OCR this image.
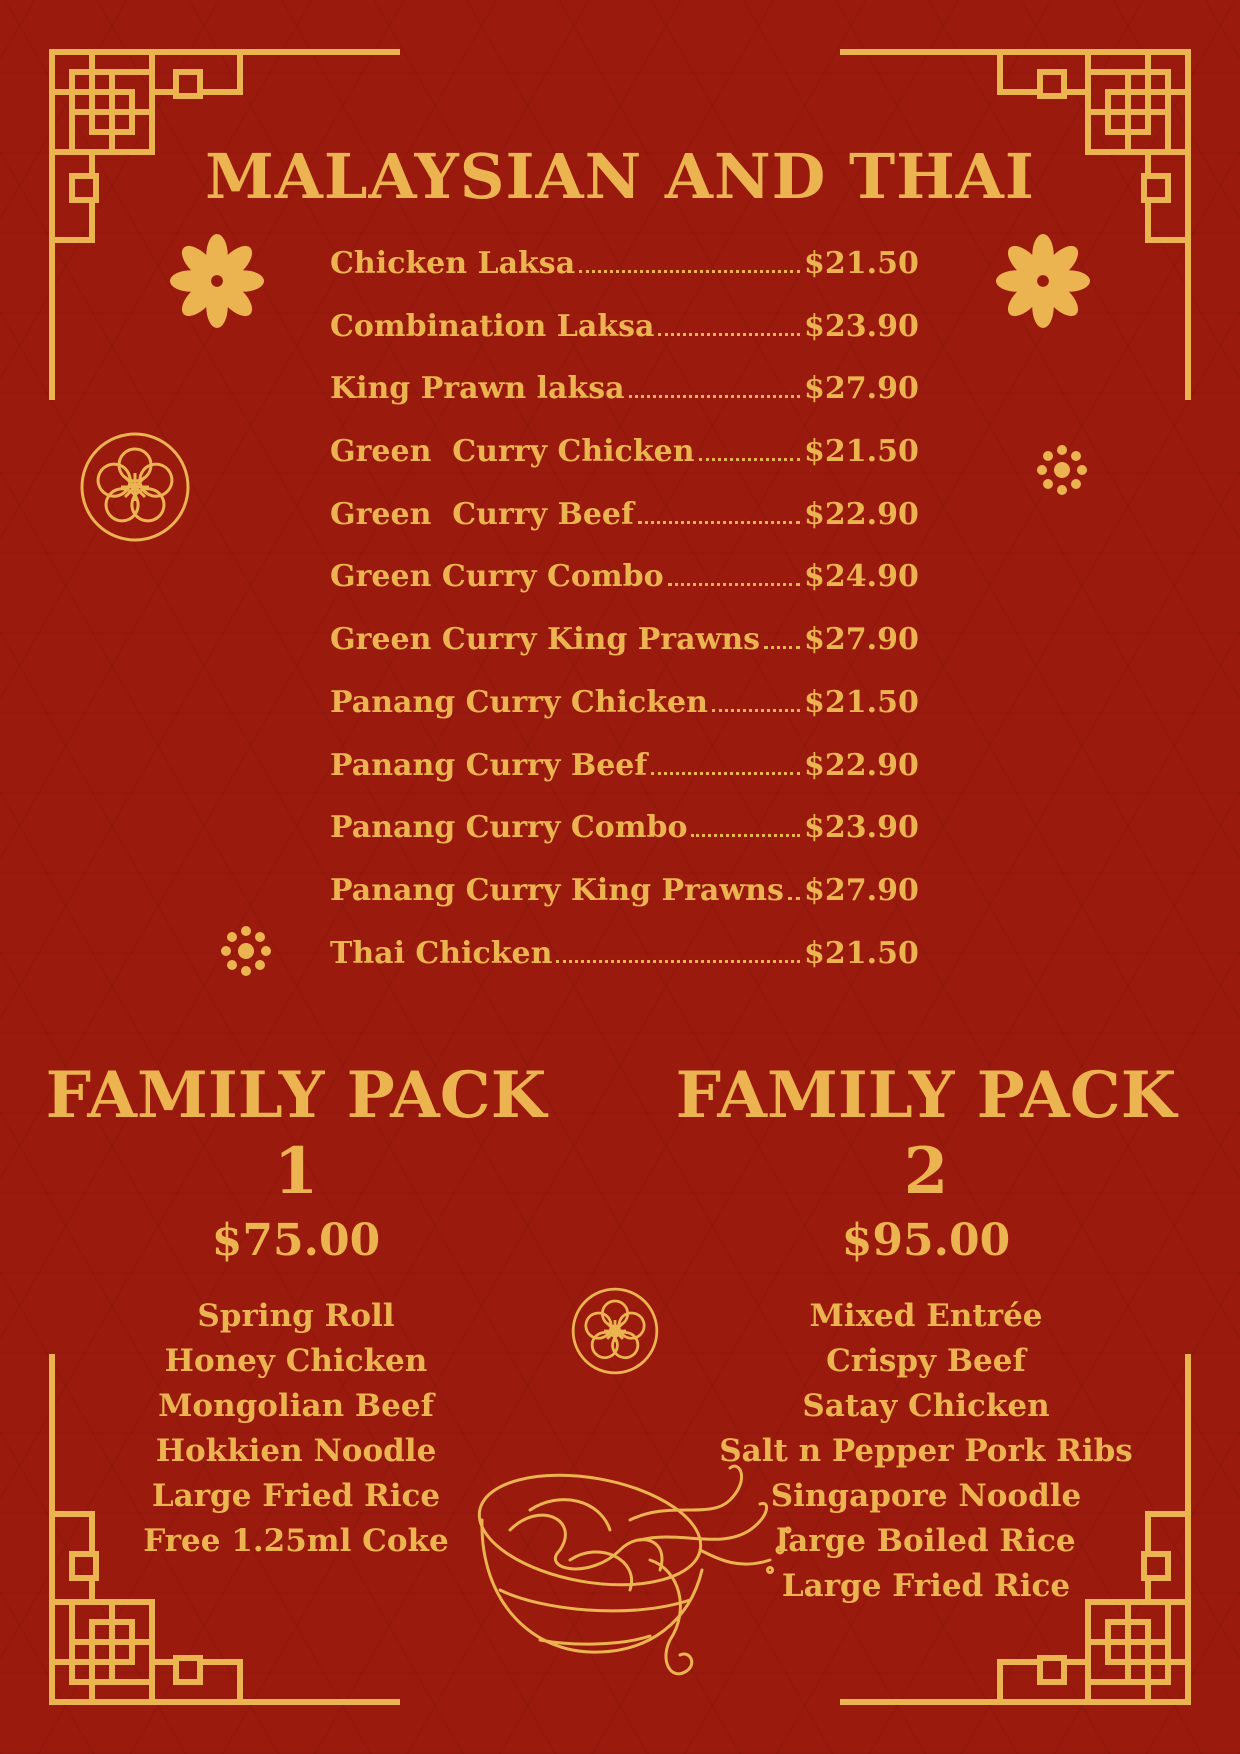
MALAYSIAN AND THAI
Chicken Laksa	$21.50
Combination Laksa	$23.90
King Prawn laksa	$27.90
Green  Curry Chicken	$21.50
Green  Curry Beef	$22.90
Green Curry Combo	$24.90
Green Curry King Prawns $27.90
Panang Curry Chicken	$21.50
Panang Curry Beef	$22.90
Panang Curry Combo	$23.90
Panang Curry King Prawns $27.90
Thai Chicken	$21.50
FAMILY PACK 1
$75.00
Spring Roll
Honey Chicken
Mongolian Beef
Hokkien Noodle
Large Fried Rice
Free 1.25ml Coke
FAMILY PACK 2
$95.00
Mixed Entrée
Crispy Beef
Satay Chicken
Salt n Pepper Pork Ribs
Singapore Noodle
large Boiled Rice
Large Fried Rice
